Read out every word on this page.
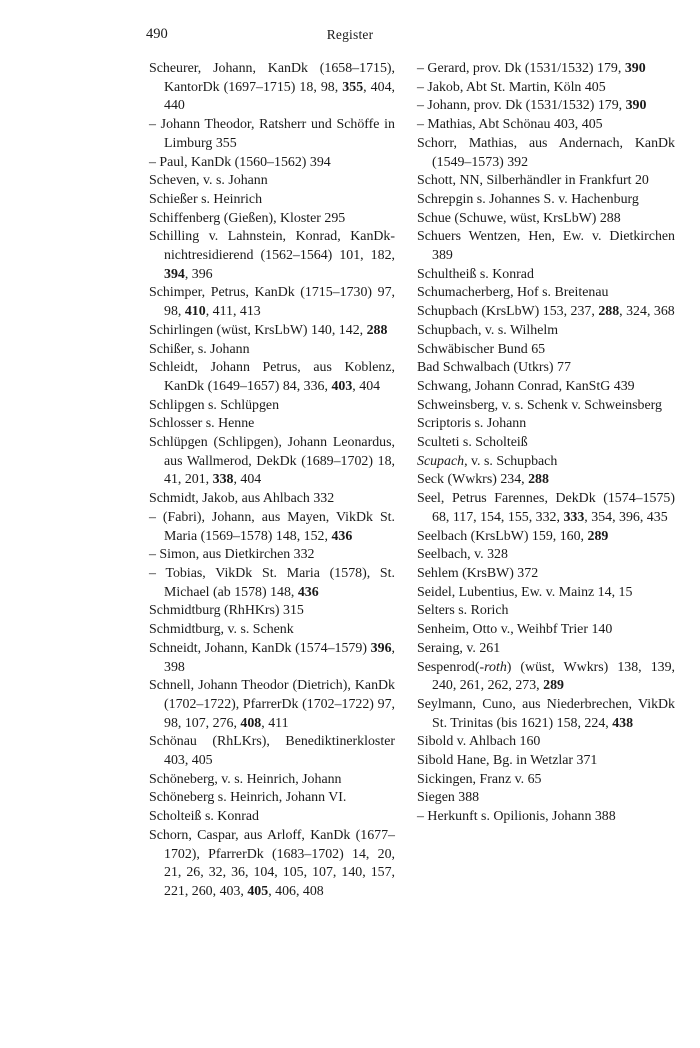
490	Register
Scheurer, Johann, KanDk (1658–1715), KantorDk (1697–1715) 18, 98, 355, 404, 440
– Johann Theodor, Ratsherr und Schöffe in Limburg 355
– Paul, KanDk (1560–1562) 394
Scheven, v. s. Johann
Schießer s. Heinrich
Schiffenberg (Gießen), Kloster 295
Schilling v. Lahnstein, Konrad, KanDk-nichtresidierend (1562–1564) 101, 182, 394, 396
Schimper, Petrus, KanDk (1715–1730) 97, 98, 410, 411, 413
Schirlingen (wüst, KrsLbW) 140, 142, 288
Schißer, s. Johann
Schleidt, Johann Petrus, aus Koblenz, KanDk (1649–1657) 84, 336, 403, 404
Schlipgen s. Schlüpgen
Schlosser s. Henne
Schlüpgen (Schlipgen), Johann Leonardus, aus Wallmerod, DekDk (1689–1702) 18, 41, 201, 338, 404
Schmidt, Jakob, aus Ahlbach 332
– (Fabri), Johann, aus Mayen, VikDk St. Maria (1569–1578) 148, 152, 436
– Simon, aus Dietkirchen 332
– Tobias, VikDk St. Maria (1578), St. Michael (ab 1578) 148, 436
Schmidtburg (RhHKrs) 315
Schmidtburg, v. s. Schenk
Schneidt, Johann, KanDk (1574–1579) 396, 398
Schnell, Johann Theodor (Dietrich), KanDk (1702–1722), PfarrerDk (1702–1722) 97, 98, 107, 276, 408, 411
Schönau (RhLKrs), Benediktinerkloster 403, 405
Schöneberg, v. s. Heinrich, Johann
Schöneberg s. Heinrich, Johann VI.
Scholteiß s. Konrad
Schorn, Caspar, aus Arloff, KanDk (1677–1702), PfarrerDk (1683–1702) 14, 20, 21, 26, 32, 36, 104, 105, 107, 140, 157, 221, 260, 403, 405, 406, 408
– Gerard, prov. Dk (1531/1532) 179, 390
– Jakob, Abt St. Martin, Köln 405
– Johann, prov. Dk (1531/1532) 179, 390
– Mathias, Abt Schönau 403, 405
Schorr, Mathias, aus Andernach, KanDk (1549–1573) 392
Schott, NN, Silberhändler in Frankfurt 20
Schrepgin s. Johannes S. v. Hachenburg
Schue (Schuwe, wüst, KrsLbW) 288
Schuers Wentzen, Hen, Ew. v. Dietkirchen 389
Schultheiß s. Konrad
Schumacherberg, Hof s. Breitenau
Schupbach (KrsLbW) 153, 237, 288, 324, 368
Schupbach, v. s. Wilhelm
Schwäbischer Bund 65
Bad Schwalbach (Utkrs) 77
Schwang, Johann Conrad, KanStG 439
Schweinsberg, v. s. Schenk v. Schweinsberg
Scriptoris s. Johann
Sculteti s. Scholteiß
Scupach, v. s. Schupbach
Seck (Wwkrs) 234, 288
Seel, Petrus Farennes, DekDk (1574–1575) 68, 117, 154, 155, 332, 333, 354, 396, 435
Seelbach (KrsLbW) 159, 160, 289
Seelbach, v. 328
Sehlem (KrsBW) 372
Seidel, Lubentius, Ew. v. Mainz 14, 15
Selters s. Rorich
Senheim, Otto v., Weihbf Trier 140
Seraing, v. 261
Sespenrod(-roth) (wüst, Wwkrs) 138, 139, 240, 261, 262, 273, 289
Seylmann, Cuno, aus Niederbrechen, VikDk St. Trinitas (bis 1621) 158, 224, 438
Sibold v. Ahlbach 160
Sibold Hane, Bg. in Wetzlar 371
Sickingen, Franz v. 65
Siegen 388
– Herkunft s. Opilionis, Johann 388
